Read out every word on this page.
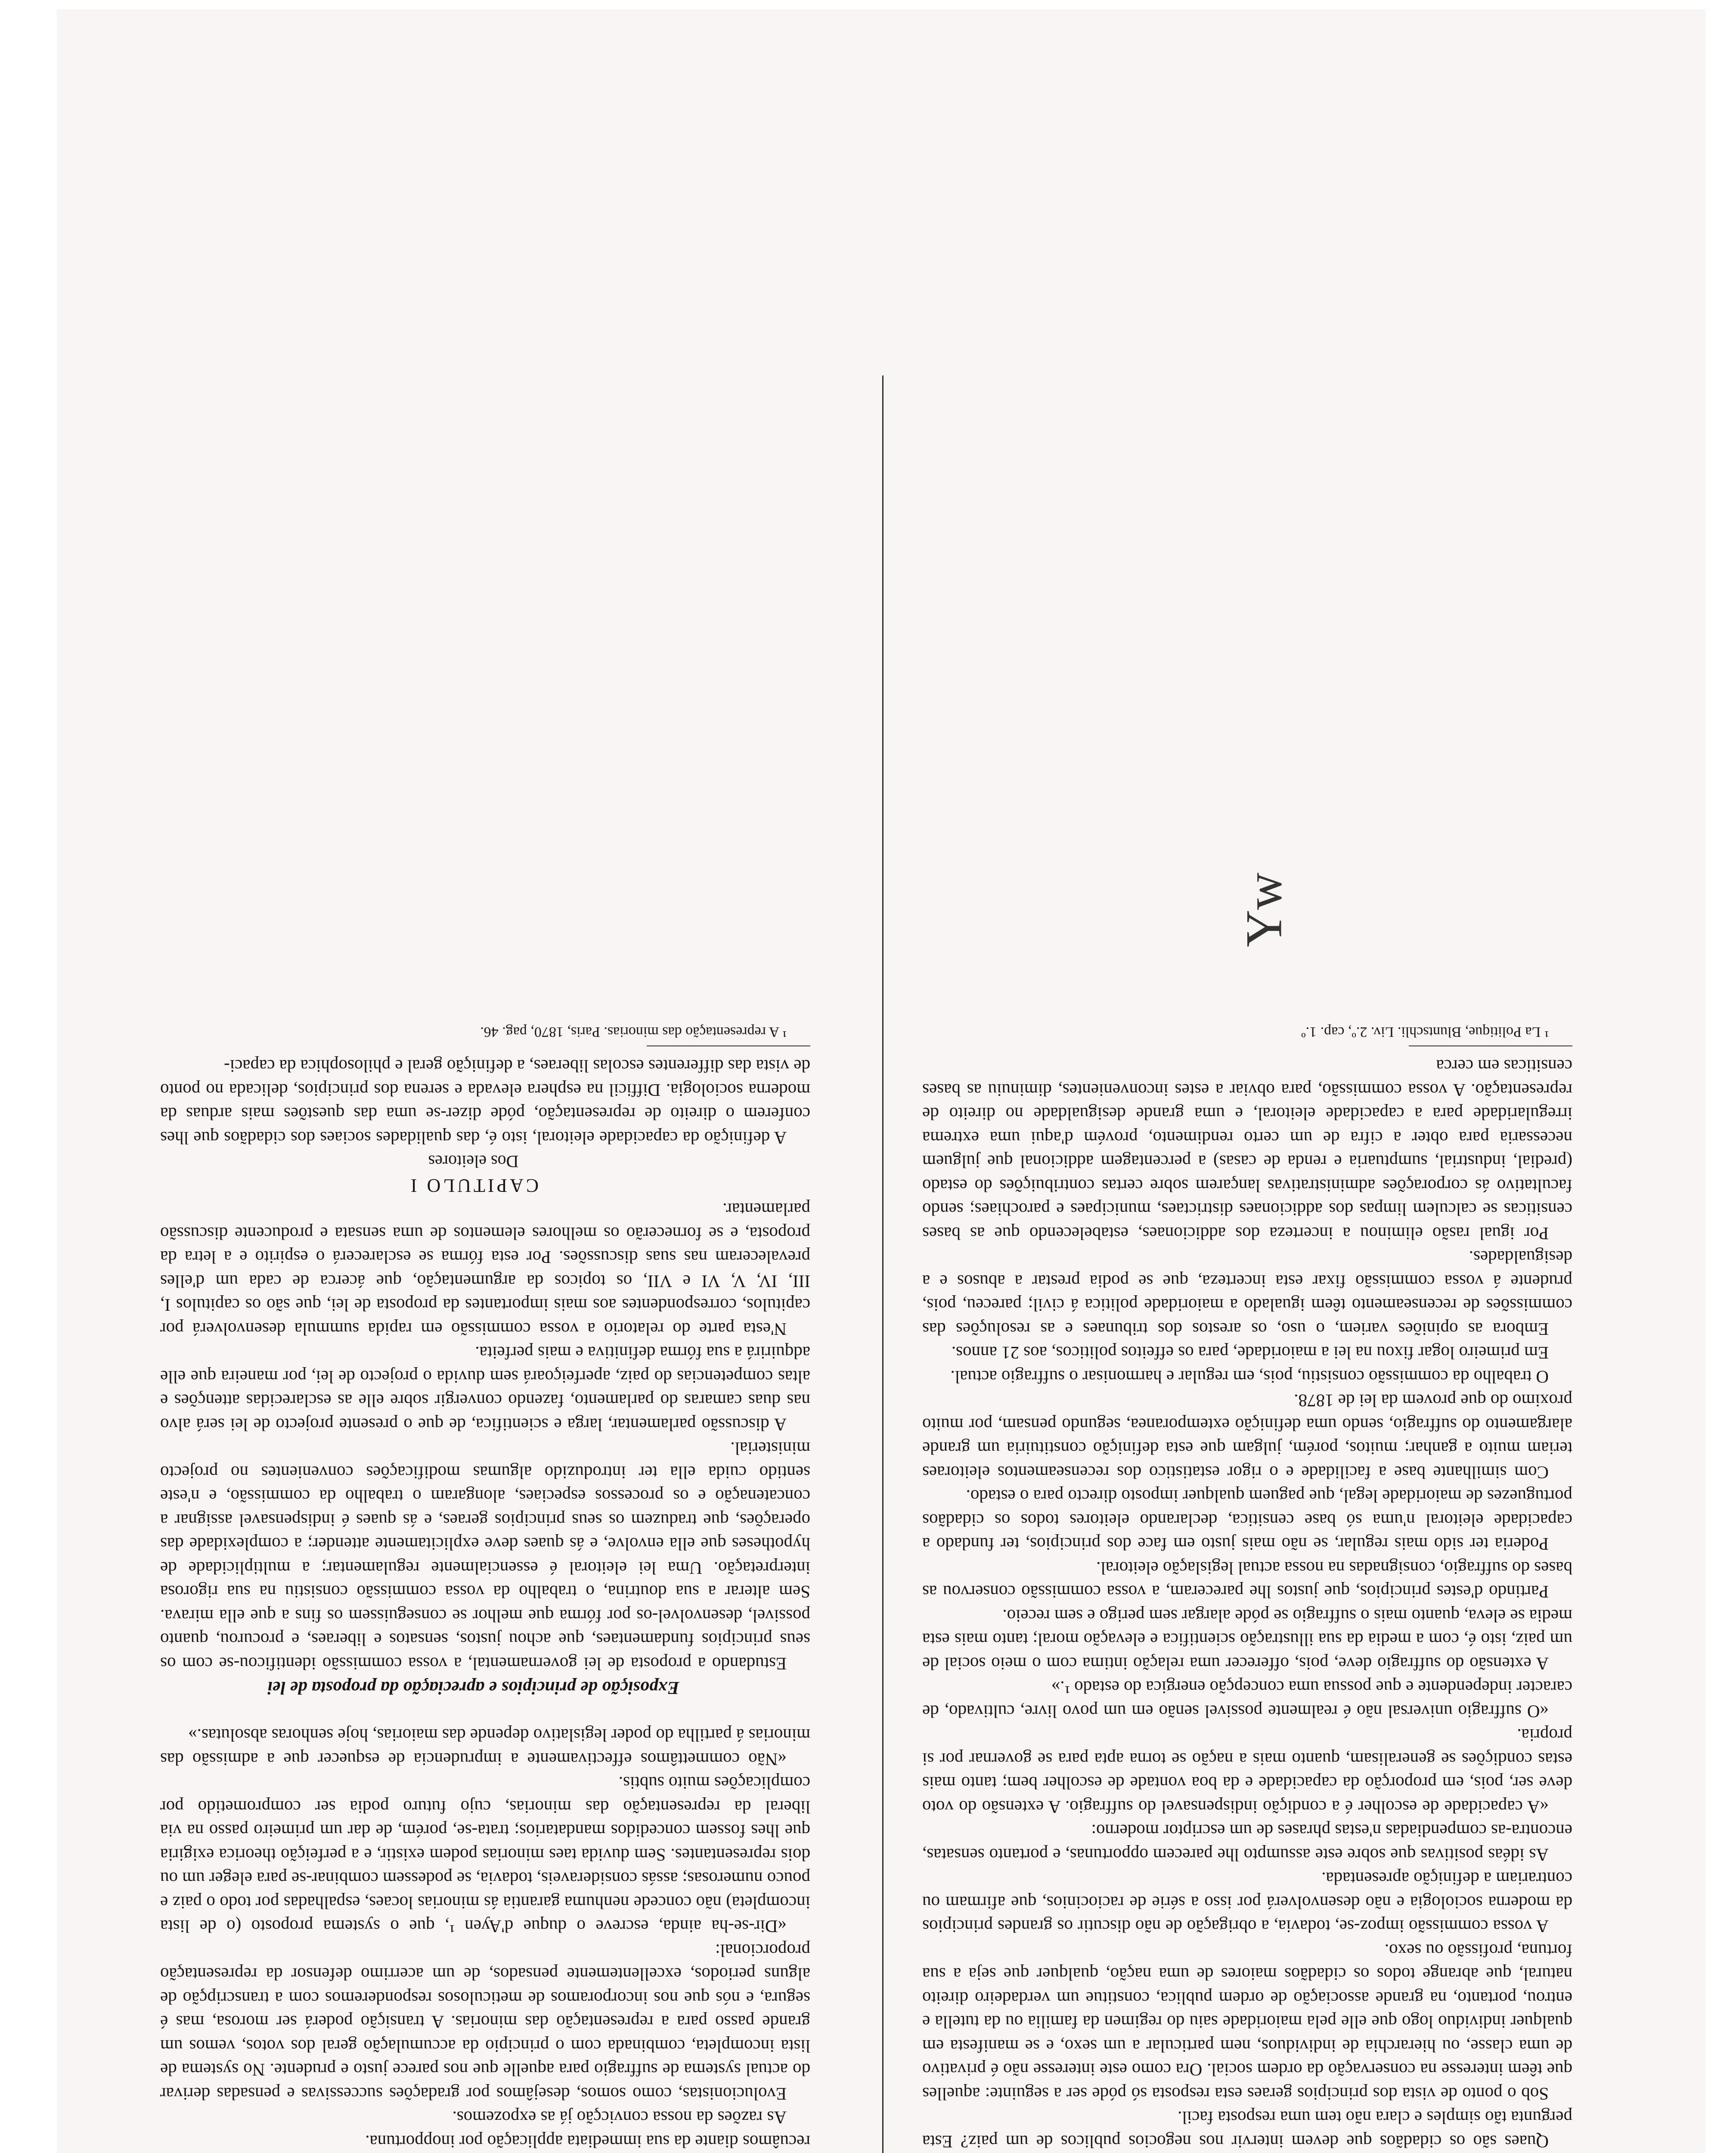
recuâmos diante da sua immediata applicação por inopportuna.

As razões da nossa convicção já as expozemos.

Evolucionistas, como somos, desejâmos por gradações successivas e pensadas derivar do actual systema de suffragio para aquelle que nos parece justo e prudente. No systema de lista incompleta, combinada com o principio da accumulação geral dos votos, vemos um grande passo para a representação das minorias. A transição poderá ser morosa, mas é segura, e nós que nos incorporamos de meticulosos responderemos com a transcripção de alguns periodos, excellentemente pensados, de um acerrimo defensor da representação proporcional:

«Dir-se-ha ainda, escreve o duque d'Ayen ¹, que o systema proposto (o de lista incompleta) não concede nenhuma garantia ás minorias locaes, espalhadas por todo o paiz e pouco numerosas; assás consideraveis, todavia, se podessem combinar-se para eleger um ou dois representantes. Sem duvida taes minorias podem existir, e a perfeição theorica exigiria que lhes fossem concedidos mandatarios; trata-se, porém, de dar um primeiro passo na via liberal da representação das minorias, cujo futuro podia ser comprometido por complicações muito subtis.

«Não commettâmos effectivamente a imprudencia de esquecer que a admissão das minorias á partilha do poder legislativo depende das maiorias, hoje senhoras absolutas.»

Exposição de principios e apreciação da proposta de lei

Estudando a proposta de lei governamental, a vossa commissão identificou-se com os seus principios fundamentaes, que achou justos, sensatos e liberaes, e procurou, quanto possivel, desenvolvel-os por fórma que melhor se conseguissem os fins a que ella mirava. Sem alterar a sua doutrina, o trabalho da vossa commissão consistiu na sua rigorosa interpretação. Uma lei eleitoral é essencialmente regulamentar; a multiplicidade de hypotheses que ella envolve, e ás quaes deve explicitamente attender; a complexidade das operações, que traduzem os seus principios geraes, e ás quaes é indispensavel assignar a concatenação e os processos especiaes, alongaram o trabalho da commissão, e n'este sentido cuida ella ter introduzido algumas modificações convenientes no projecto ministerial.

A discussão parlamentar, larga e scientifica, de que o presente projecto de lei será alvo nas duas camaras do parlamento, fazendo convergir sobre elle as esclarecidas attenções e altas competencias do paiz, aperfeiçoará sem duvida o projecto de lei, por maneira que elle adquirirá a sua fórma definitiva e mais perfeita.

N'esta parte do relatorio a vossa commissão em rapida summula desenvolverá por capitulos, correspondentes aos mais importantes da proposta de lei, que são os capitulos I, III, IV, V, VI e VII, os topicos da argumentação, que ácerca de cada um d'elles prevaleceram nas suas discussões. Por esta fórma se esclarecerá o espirito e a letra da proposta, e se fornecerão os melhores elementos de uma sensata e producente discussão parlamentar.

CAPITULO I

Dos eleitores

A definição da capacidade eleitoral, isto é, das qualidades sociaes dos cidadãos que lhes conferem o direito de representação, póde dizer-se uma das questões mais arduas da moderna sociologia. Difficil na esphera elevada e serena dos principios, delicada no ponto de vista das differentes escolas liberaes, a definição geral e philosophica da capaci-

¹ A representação das minorias. Paris, 1870, pag. 46.

Quaes são os cidadãos que devem intervir nos negocios publicos de um paiz? Esta pergunta tão simples e clara não tem uma resposta facil.

Sob o ponto de vista dos principios geraes esta resposta só póde ser a seguinte: aquelles que têem interesse na conservação da ordem social. Ora como este interesse não é privativo de uma classe, ou hierarchia de individuos, nem particular a um sexo, e se manifesta em qualquer individuo logo que elle pela maioridade saiu do regimen da familia ou da tutella e entrou, portanto, na grande associação de ordem publica, constitue um verdadeiro direito natural, que abrange todos os cidadãos maiores de uma nação, qualquer que seja a sua fortuna, profissão ou sexo.

A vossa commissão impoz-se, todavia, a obrigação de não discutir os grandes principios da moderna sociologia e não desenvolverá por isso a série de raciocinios, que afirmam ou contrariam a definição apresentada.

As idéas positivas que sobre este assumpto lhe parecem opportunas, e portanto sensatas, encontra-as compendiadas n'estas phrases de um escriptor moderno:

«A capacidade de escolher é a condição indispensavel do suffragio. A extensão do voto deve ser, pois, em proporção da capacidade e da boa vontade de escolher bem; tanto mais estas condições se generalisam, quanto mais a nação se torna apta para se governar por si propria.

«O suffragio universal não é realmente possivel senão em um povo livre, cultivado, de caracter independente e que possua uma concepção energica do estado ¹.»

A extensão do suffragio deve, pois, offerecer uma relação intima com o meio social de um paiz, isto é, com a media da sua illustração scientifica e elevação moral; tanto mais esta media se eleva, quanto mais o suffragio se póde alargar sem perigo e sem receio.

Partindo d'estes principios, que justos lhe pareceram, a vossa commissão conservou as bases do suffragio, consignadas na nossa actual legislação eleitoral.

Poderia ter sido mais regular, se não mais justo em face dos principios, ter fundado a capacidade eleitoral n'uma só base censitica, declarando eleitores todos os cidadãos portuguezes de maioridade legal, que paguem qualquer imposto directo para o estado.

Com similhante base a facilidade e o rigor estatistico dos recenseamentos eleitoraes teriam muito a ganhar; muitos, porém, julgam que esta definição constituiria um grande alargamento do suffragio, sendo uma definição extemporanea, segundo pensam, por muito proximo do que provem da lei de 1878.

O trabalho da commissão consistiu, pois, em regular e harmonisar o suffragio actual.

Em primeiro logar fixou na lei a maioridade, para os effeitos politicos, aos 21 annos.

Embora as opiniões variem, o uso, os arestos dos tribunaes e as resoluções das commissões de recenseamento têem igualado a maioridade politica á civil; pareceu, pois, prudente á vossa commissão fixar esta incerteza, que se podia prestar a abusos e a desigualdades.

Por igual rasão eliminou a incerteza dos addicionaes, estabelecendo que as bases censiticas se calculem limpas dos addicionaes districtaes, municipaes e parochiaes; sendo facultativo ás corporações administrativas lançarem sobre certas contribuições do estado (predial, industrial, sumptuaria e renda de casas) a percentagem addicional que julguem necessaria para obter a cifra de um certo rendimento, provém d'aqui uma extrema irregularidade para a capacidade eleitoral, e uma grande desigualdade no direito de representação. A vossa commissão, para obviar a estes inconvenientes, diminuiu as bases censiticas em cerca

¹ La Politique, Bluntschli. Liv. 2.º, cap. 1.º

Yw
